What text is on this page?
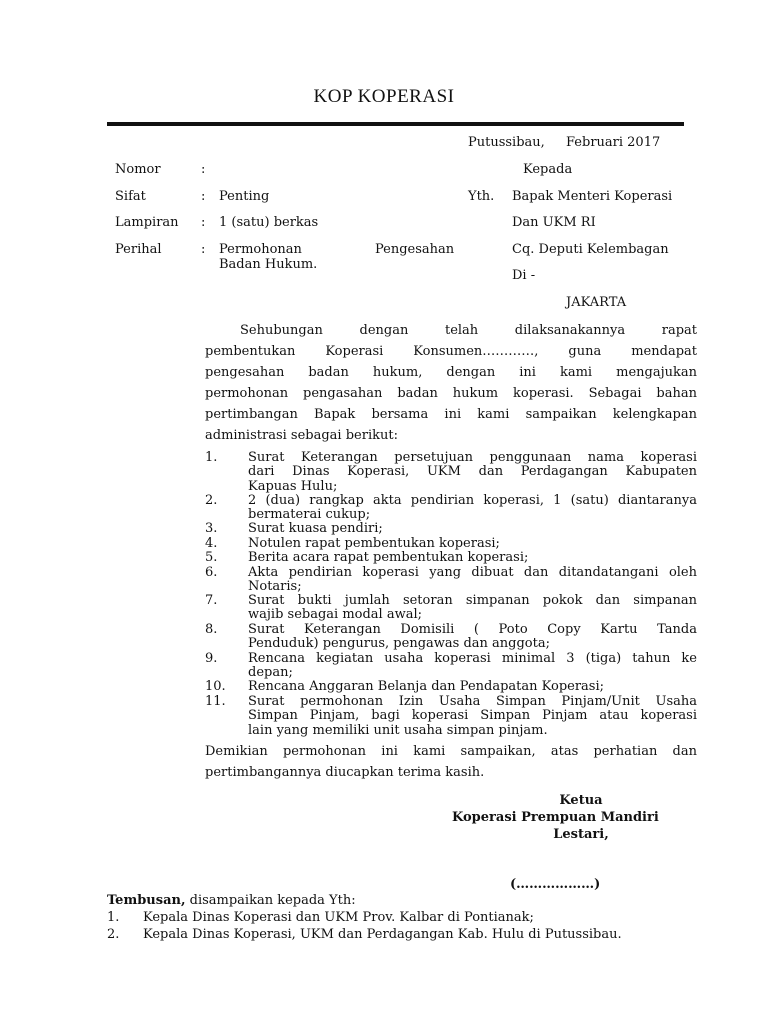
KOP KOPERASI
Putussibau, Februari 2017
Nomor	:
Sifat	: Penting
Lampiran : 1 (satu) berkas
Perihal	: Permohonan	Pengesahan
Badan Hukum.
Kepada
Yth. Bapak Menteri Koperasi
Dan UKM RI
Cq. Deputi Kelembagan
Di -
JAKARTA
Sehubungan dengan telah dilaksanakannya rapat
pembentukan Koperasi Konsumen…………, guna mendapat
pengesahan badan hukum, dengan ini kami mengajukan
permohonan pengasahan badan hukum koperasi. Sebagai bahan
pertimbangan Bapak bersama ini kami sampaikan kelengkapan
administrasi sebagai berikut:
1. Surat Keterangan persetujuan penggunaan nama koperasi
dari Dinas Koperasi, UKM dan Perdagangan Kabupaten
Kapuas Hulu;
2. 2 (dua) rangkap akta pendirian koperasi, 1 (satu) diantaranya
bermaterai cukup;
3. Surat kuasa pendiri;
4. Notulen rapat pembentukan koperasi;
5. Berita acara rapat pembentukan koperasi;
6. Akta pendirian koperasi yang dibuat dan ditandatangani oleh
Notaris;
7. Surat bukti jumlah setoran simpanan pokok dan simpanan
wajib sebagai modal awal;
8. Surat Keterangan Domisili ( Poto Copy Kartu Tanda
Penduduk) pengurus, pengawas dan anggota;
9. Rencana kegiatan usaha koperasi minimal 3 (tiga) tahun ke
depan;
10. Rencana Anggaran Belanja dan Pendapatan Koperasi;
11. Surat permohonan Izin Usaha Simpan Pinjam/Unit Usaha
Simpan Pinjam, bagi koperasi Simpan Pinjam atau koperasi
lain yang memiliki unit usaha simpan pinjam.
Demikian permohonan ini kami sampaikan, atas perhatian dan
pertimbangannya diucapkan terima kasih.
Ketua
Koperasi Prempuan Mandiri
Lestari,
(………………)
Tembusan, disampaikan kepada Yth:
1. Kepala Dinas Koperasi dan UKM Prov. Kalbar di Pontianak;
2. Kepala Dinas Koperasi, UKM dan Perdagangan Kab. Hulu di Putussibau.
